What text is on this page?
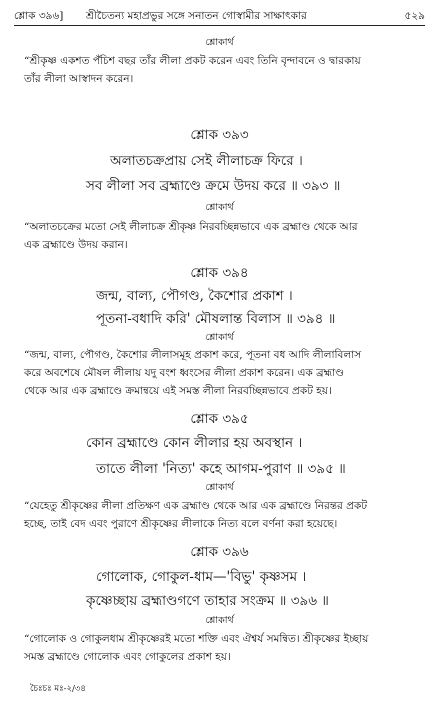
শ্লোক ৩৯৬] শ্রীচৈতন্য মহাপ্রভুর সঙ্গে সনাতন গোস্বামীর সাক্ষাৎকার	৫২৯
শ্লোকার্থ
“শ্রীকৃষ্ণ একশত পঁচিশ বছর তাঁর লীলা প্রকট করেন এবং তিনি বৃন্দাবনে ও দ্বারকায়
তাঁর লীলা আস্বাদন করেন।
শ্লোক ৩৯৩
অলাতচক্রপ্রায় সেই লীলাচক্র ফিরে ।
সব লীলা সব ব্রহ্মাণ্ডে ক্রমে উদয় করে ॥ ৩৯৩ ॥
শ্লোকার্থ
“অলাতচক্রের মতো সেই লীলাচক্র শ্রীকৃষ্ণ নিরবচ্ছিন্নভাবে এক ব্রহ্মাণ্ড থেকে আর
এক ব্রহ্মাণ্ডে উদয় করান।
শ্লোক ৩৯৪
জন্ম, বাল্য, পৌগণ্ড, কৈশোর প্রকাশ ।
পূতনা-বধাদি করি' মৌষলান্ত বিলাস ॥ ৩৯৪ ॥
শ্লোকার্থ
“জন্ম, বাল্য, পৌগণ্ড, কৈশোর লীলাসমূহ প্রকাশ করে, পূতনা বধ আদি লীলাবিলাস
করে অবশেষে মৌষল লীলায় যদু বংশ ধ্বংসের লীলা প্রকাশ করেন। এক ব্রহ্মাণ্ড
থেকে আর এক ব্রহ্মাণ্ডে ক্রমান্বয়ে এই সমস্ত লীলা নিরবচ্ছিন্নভাবে প্রকট হয়।
শ্লোক ৩৯৫
কোন ব্রহ্মাণ্ডে কোন লীলার হয় অবস্থান ।
তাতে লীলা 'নিত্য' কহে আগম-পুরাণ ॥ ৩৯৫ ॥
শ্লোকার্থ
“যেহেতু শ্রীকৃষ্ণের লীলা প্রতিক্ষণ এক ব্রহ্মাণ্ড থেকে আর এক ব্রহ্মাণ্ডে নিরন্তর প্রকট
হচ্ছে, তাই বেদ এবং পুরাণে শ্রীকৃষ্ণের লীলাকে নিত্য বলে বর্ণনা করা হয়েছে।
শ্লোক ৩৯৬
গোলোক, গোকুল-ধাম—'বিভু' কৃষ্ণসম ।
কৃষ্ণেচ্ছায় ব্রহ্মাণ্ডগণে তাহার সংক্রম ॥ ৩৯৬ ॥
শ্লোকার্থ
“গোলোক ও গোকুলধাম শ্রীকৃষ্ণেরই মতো শক্তি এবং ঐশ্বর্য সমন্বিত। শ্রীকৃষ্ণের ইচ্ছায়
সমস্ত ব্রহ্মাণ্ডে গোলোক এবং গোকুলের প্রকাশ হয়।
চৈঃচঃ মঃ-২/৩৪
